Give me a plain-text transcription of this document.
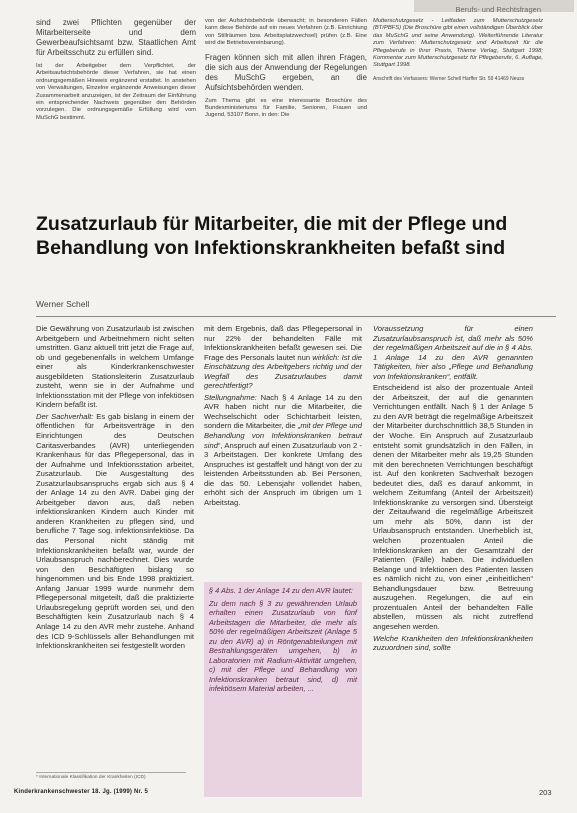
Berufs- und Rechtsfragen
sind zwei Pflichten gegenüber der Mitarbeiterseite und dem Gewerbeaufsichtsamt bzw. Staatlichen Amt für Arbeitsschutz zu erfüllen sind.
Ist der Arbeitgeber dem Verpflichtet, der Arbeitsaufsichtsbehörde dieser Verfahren, sie hat einen ordnungsgemäßen Hinweis ergänzend erstattet. In anstehen von Verwaltungen, Einzelne ergänzende Anweisungen dieser Zusammenarbeit anzuzeigen, ist der Zeitraum der Einführung ein entsprechender Nachweis gegenüber den Behörden vorzulegen. Die ordnungsgemäße Erfüllung wird vom MuSchG bestimmt.
von der Aufsichtsbehörde überwacht; in besonderen Fällen kann diese Behörde auf ein neues Verfahren (z.B. Einrichtung von Stillräumen bzw. Arbeitsplatzwechsel) prüfen (z.B. Eine wird die Betriebsvereinbarung).
Fragen können sich mit allen ihren Fragen, die sich aus der Anwendung der Regelungen des MuSchG ergeben, an die Aufsichtsbehörden wenden.
Zum Thema gibt es eine interessante Broschüre des Bundesministeriums für Familie, Senioren, Frauen und Jugend, 53107 Bonn, in den: Die
Mutterschutzgesetz - Leitfaden zum Mutterschutzgesetz (BT/PBFS) (Die Broschüre gibt einen vollständigen Überblick über das MuSchG und seine Anwendung). Weiterführende Literatur zum Verfahren: Mutterschutzgesetz und Arbeitszeit für die Pflegeberufe in Ihrer Praxis, Thieme Verlag, Stuttgart 1998; Kommentar zum Mutterschutzgesetz für Pflegeberufe, 6. Auflage, Stuttgart 1998.
Anschrift des Verfassers: Werner Schell Harffer Str. 59 41469 Neuss
Zusatzurlaub für Mitarbeiter, die mit der Pflege und Behandlung von Infektionskrankheiten befaßt sind
Werner Schell

Die Gewährung von Zusatzurlaub ist zwischen Arbeitgebern und Arbeitnehmern nicht selten umstritten. Ganz aktuell tritt jetzt die Frage auf, ob und gegebenenfalls in welchem Umfange einer als Kinderkrankenschwester ausgebildeten Stationsleiterin Zusatzurlaub zusteht, wenn sie in der Aufnahme und Infektionsstation mit der Pflege von infektiösen Kindern befaßt ist.

Der Sachverhalt: Es gab bislang in einem der öffentlichen für Arbeitsverträge in den Einrichtungen des Deutschen Caritasverbandes (AVR) unterliegenden Krankenhaus für das Pflegepersonal, das in der Aufnahme und Infektionsstation arbeitet, Zusatzurlaub. Die Ausgestaltung des Zusatzurlaubsanspruchs ergab sich aus § 4 der Anlage 14 zu den AVR. Dabei ging der Arbeitgeber davon aus, daß neben infektionskranken Kindern auch Kinder mit anderen Krankheiten zu pflegen sind, und berufliche 7 Tage sog. infektionsinfektiöse. Da das Personal nicht ständig mit Infektionskrankheiten befaßt war, wurde der Urlaubsanspruch nachberechnet. Dies wurde von den Beschäftigten bislang so hingenommen und bis Ende 1998 praktiziert. Anfang Januar 1999 wurde nunmehr dem Pflegepersonal mitgeteilt, daß die praktizierte Urlaubsregelung geprüft worden sei, und den Beschäftigten kein Zusatzurlaub nach § 4 Anlage 14 zu den AVR mehr zustehe. Anhand des ICD 9-Schlüssels aller Behandlungen mit Infektionskrankheiten sei festgestellt worden

mit dem Ergebnis, daß das Pflegepersonal in nur 22% der behandelten Fälle mit Infektionskrankheiten befaßt gewesen sei. Die Frage des Personals lautet nun wirklich: Ist die Einschätzung des Arbeitgebers richtig und der Wegfall des Zusatzurlaubes damit gerechtfertigt?

Stellungnahme: Nach § 4 Anlage 14 zu den AVR haben nicht nur die Mitarbeiter, die Wechselschicht oder Schichtarbeit leisten, sondern die Mitarbeiter, die „mit der Pflege und Behandlung von Infektionskranken betraut sind“, Anspruch auf einen Zusatzurlaub von 2 - 3 Arbeitstagen. Der konkrete Umfang des Anspruches ist gestaffelt und hängt von der zu leistenden Arbeitsstunden ab. Bei Personen, die das 50. Lebensjahr vollendet haben, erhöht sich der Anspruch im übrigen um 1 Arbeitstag.

§ 4 Abs. 1 der Anlage 14 zu den AVR lautet:
Zu dem nach § 3 zu gewährenden Urlaub erhalten einen Zusatzurlaub von fünf Arbeitstagen die Mitarbeiter, die mehr als 50% der regelmäßigen Arbeitszeit (Anlage 5 zu den AVR) a) in Röntgenabteilungen mit Bestrahlungsgeräten umgehen, b) in Laboratorien mit Radium-Aktivität umgehen, c) mit der Pflege und Behandlung von Infektionskranken betraut sind, d) mit infektiösem Material arbeiten, ...

Voraussetzung für einen Zusatzurlaubsanspruch ist, daß mehr als 50% der regelmäßigen Arbeitszeit auf die in § 4 Abs. 1 Anlage 14 zu den AVR genannten Tätigkeiten, hier also „Pflege und Behandlung von Infektionskranken“, entfällt.

Entscheidend ist also der prozentuale Anteil der Arbeitszeit, der auf die genannten Verrichtungen entfällt. Nach § 1 der Anlage 5 zu den AVR beträgt die regelmäßige Arbeitszeit der Mitarbeiter durchschnittlich 38,5 Stunden in der Woche. Ein Anspruch auf Zusatzurlaub entsteht somit grundsätzlich in den Fällen, in denen der Mitarbeiter mehr als 19,25 Stunden mit den berechneten Verrichtungen beschäftigt ist. Auf den konkreten Sachverhalt bezogen bedeutet dies, daß es darauf ankommt, in welchem Zeitumfang (Anteil der Arbeitszeit) Infektionskranke zu versorgen sind. Übersteigt der Zeitaufwand die regelmäßige Arbeitszeit um mehr als 50%, dann ist der Urlaubsanspruch entstanden. Unerheblich ist, welchen prozentualen Anteil die Infektionskranken an der Gesamtzahl der Patienten (Fälle) haben. Die individuellen Belange und Infektionen des Patienten lassen es nämlich nicht zu, von einer „einheitlichen“ Behandlungsdauer bzw. Betreuung auszugehen. Regelungen, die auf ein prozentualen Anteil der behandelten Fälle abstellen, müssen als nicht zutreffend angesehen werden.

Welche Krankheiten den Infektionskrankheiten zuzuordnen sind, sollte

* Internationale Klassifikation der Krankheiten (ICD)
Kinderkrankenschwester 18. Jg. (1999) Nr. 5	203
